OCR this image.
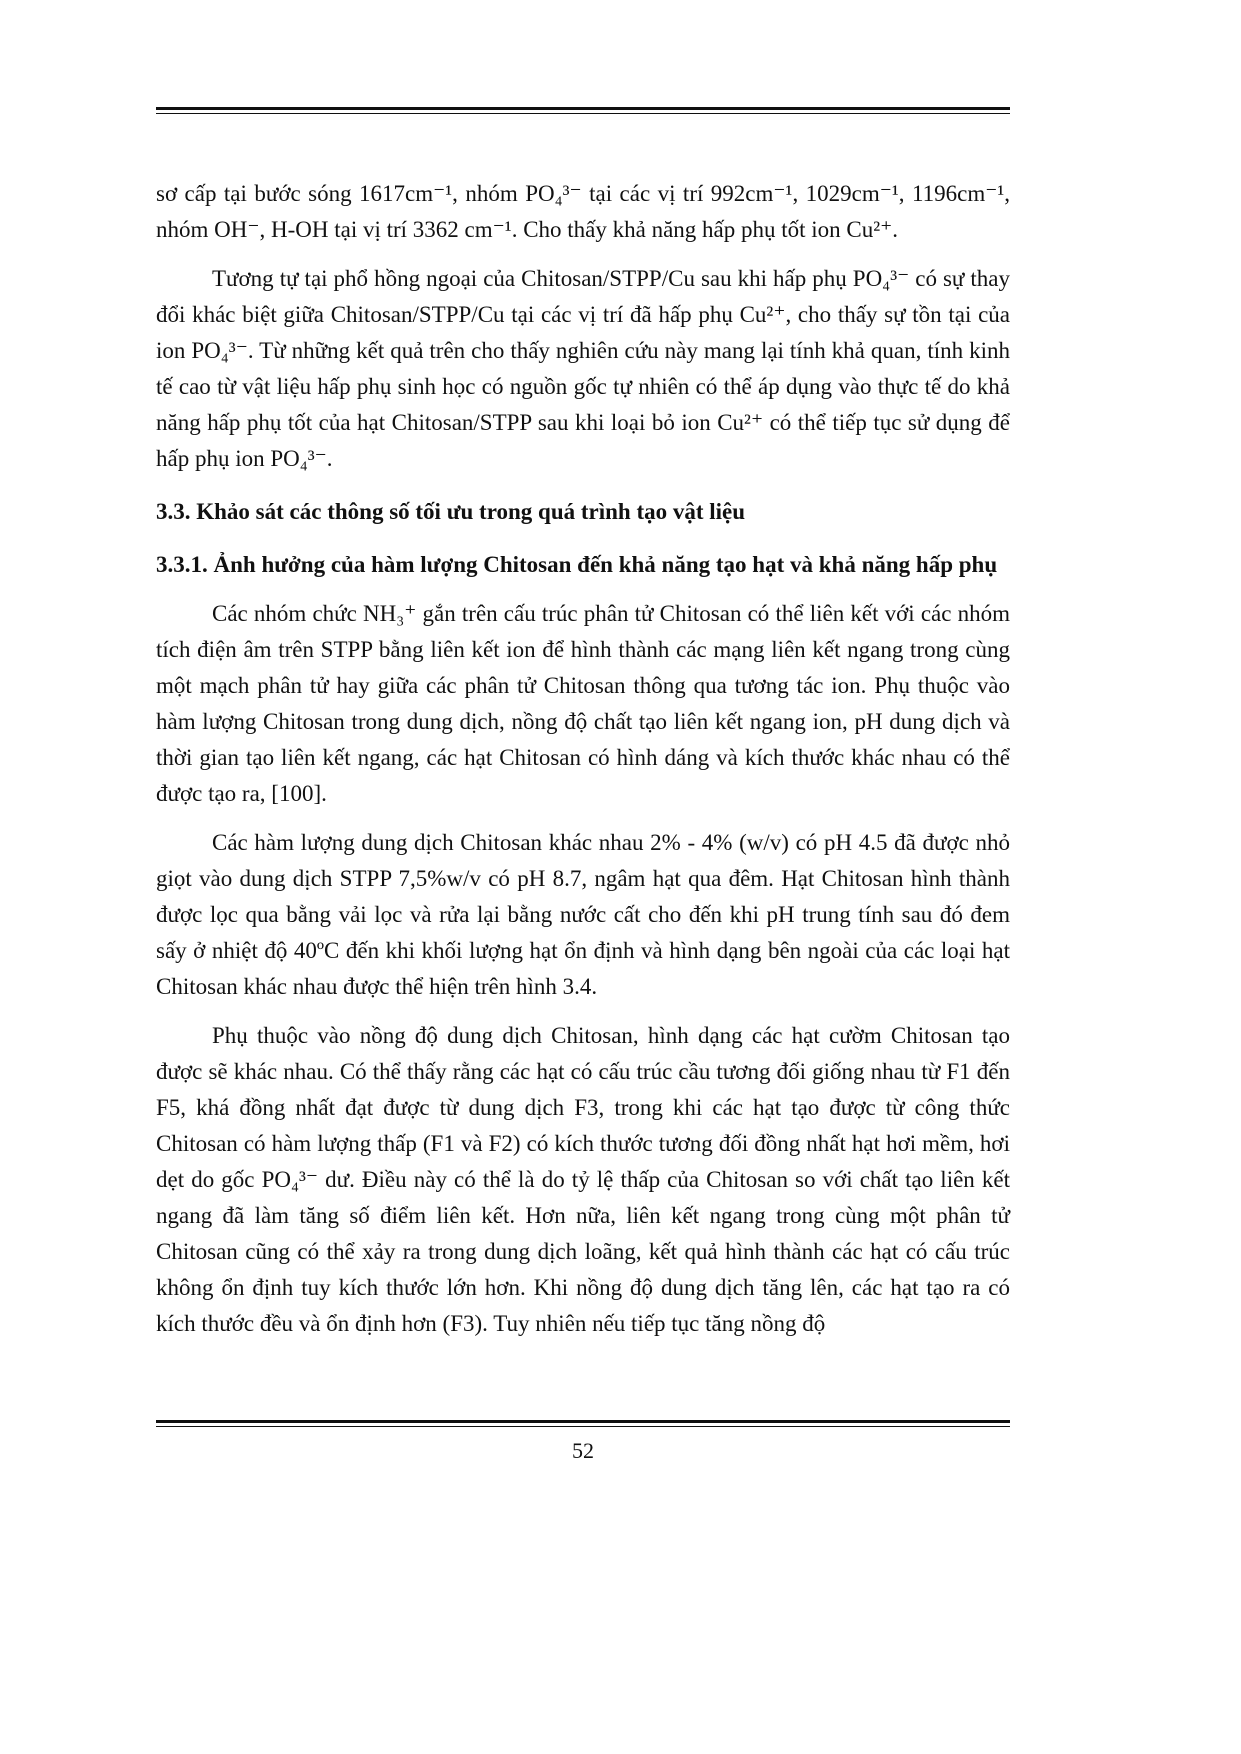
sơ cấp tại bước sóng 1617cm⁻¹, nhóm PO₄³⁻ tại các vị trí 992cm⁻¹, 1029cm⁻¹, 1196cm⁻¹, nhóm OH⁻, H-OH tại vị trí 3362 cm⁻¹. Cho thấy khả năng hấp phụ tốt ion Cu²⁺.

Tương tự tại phổ hồng ngoại của Chitosan/STPP/Cu sau khi hấp phụ PO₄³⁻ có sự thay đổi khác biệt giữa Chitosan/STPP/Cu tại các vị trí đã hấp phụ Cu²⁺, cho thấy sự tồn tại của ion PO₄³⁻. Từ những kết quả trên cho thấy nghiên cứu này mang lại tính khả quan, tính kinh tế cao từ vật liệu hấp phụ sinh học có nguồn gốc tự nhiên có thể áp dụng vào thực tế do khả năng hấp phụ tốt của hạt Chitosan/STPP sau khi loại bỏ ion Cu²⁺ có thể tiếp tục sử dụng để hấp phụ ion PO₄³⁻.

3.3. Khảo sát các thông số tối ưu trong quá trình tạo vật liệu
3.3.1. Ảnh hưởng của hàm lượng Chitosan đến khả năng tạo hạt và khả năng hấp phụ

Các nhóm chức NH₃⁺ gắn trên cấu trúc phân tử Chitosan có thể liên kết với các nhóm tích điện âm trên STPP bằng liên kết ion để hình thành các mạng liên kết ngang trong cùng một mạch phân tử hay giữa các phân tử Chitosan thông qua tương tác ion. Phụ thuộc vào hàm lượng Chitosan trong dung dịch, nồng độ chất tạo liên kết ngang ion, pH dung dịch và thời gian tạo liên kết ngang, các hạt Chitosan có hình dáng và kích thước khác nhau có thể được tạo ra, [100].

Các hàm lượng dung dịch Chitosan khác nhau 2% - 4% (w/v) có pH 4.5 đã được nhỏ giọt vào dung dịch STPP 7,5%w/v có pH 8.7, ngâm hạt qua đêm. Hạt Chitosan hình thành được lọc qua bằng vải lọc và rửa lại bằng nước cất cho đến khi pH trung tính sau đó đem sấy ở nhiệt độ 40ºC đến khi khối lượng hạt ổn định và hình dạng bên ngoài của các loại hạt Chitosan khác nhau được thể hiện trên hình 3.4.

Phụ thuộc vào nồng độ dung dịch Chitosan, hình dạng các hạt cườm Chitosan tạo được sẽ khác nhau. Có thể thấy rằng các hạt có cấu trúc cầu tương đối giống nhau từ F1 đến F5, khá đồng nhất đạt được từ dung dịch F3, trong khi các hạt tạo được từ công thức Chitosan có hàm lượng thấp (F1 và F2) có kích thước tương đối đồng nhất hạt hơi mềm, hơi dẹt do gốc PO₄³⁻ dư. Điều này có thể là do tỷ lệ thấp của Chitosan so với chất tạo liên kết ngang đã làm tăng số điểm liên kết. Hơn nữa, liên kết ngang trong cùng một phân tử Chitosan cũng có thể xảy ra trong dung dịch loãng, kết quả hình thành các hạt có cấu trúc không ổn định tuy kích thước lớn hơn. Khi nồng độ dung dịch tăng lên, các hạt tạo ra có kích thước đều và ổn định hơn (F3). Tuy nhiên nếu tiếp tục tăng nồng độ

52
